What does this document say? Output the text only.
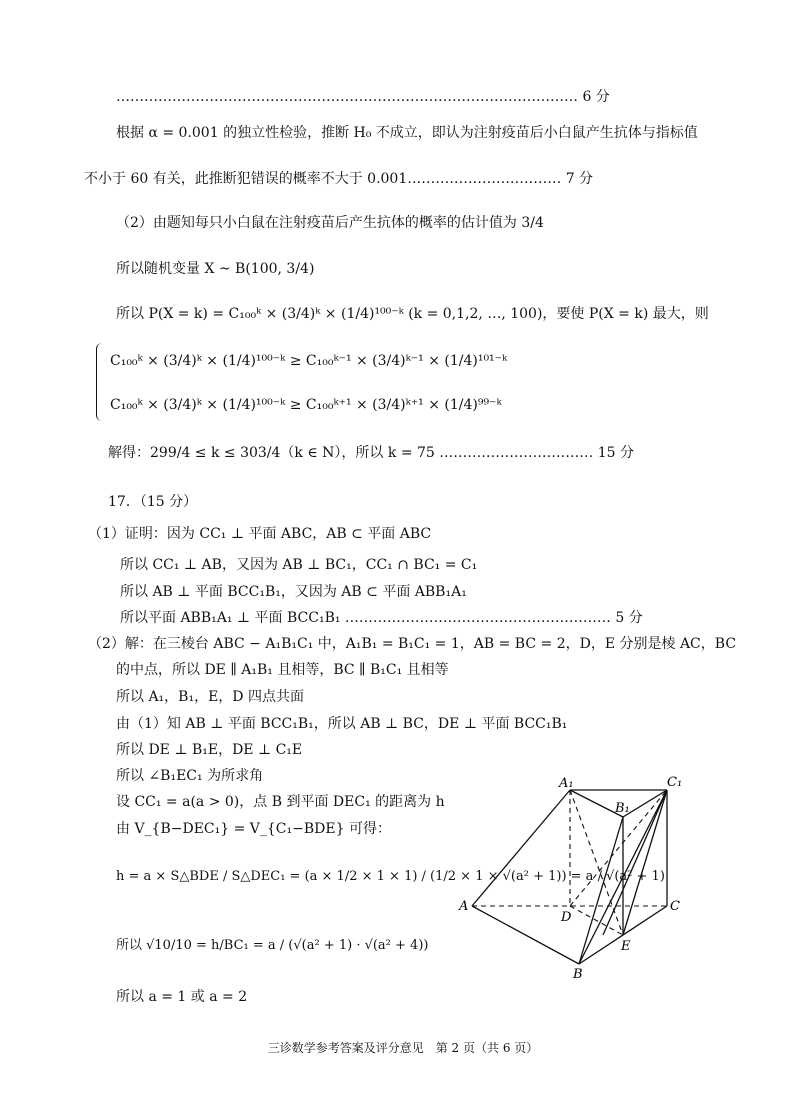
……………………………………………………………………………………… 6 分
根据 α = 0.001 的独立性检验，推断 H₀ 不成立，即认为注射疫苗后小白鼠产生抗体与指标值
不小于 60 有关，此推断犯错误的概率不大于 0.001…………………………… 7 分
（2）由题知每只小白鼠在注射疫苗后产生抗体的概率的估计值为 3/4
所以随机变量 X ~ B(100, 3/4)
所以 P(X = k) = C₁₀₀ᵏ × (3/4)ᵏ × (1/4)¹⁰⁰⁻ᵏ (k = 0,1,2, …, 100)，要使 P(X = k) 最大，则
C₁₀₀ᵏ × (3/4)ᵏ × (1/4)¹⁰⁰⁻ᵏ ≥ C₁₀₀ᵏ⁻¹ × (3/4)ᵏ⁻¹ × (1/4)¹⁰¹⁻ᵏ
C₁₀₀ᵏ × (3/4)ᵏ × (1/4)¹⁰⁰⁻ᵏ ≥ C₁₀₀ᵏ⁺¹ × (3/4)ᵏ⁺¹ × (1/4)⁹⁹⁻ᵏ
解得：299/4 ≤ k ≤ 303/4（k ∈ N），所以 k = 75 …………………………… 15 分
17．（15 分）
（1）证明：因为 CC₁ ⊥ 平面 ABC，AB ⊂ 平面 ABC
所以 CC₁ ⊥ AB，又因为 AB ⊥ BC₁，CC₁ ∩ BC₁ = C₁
所以 AB ⊥ 平面 BCC₁B₁，又因为 AB ⊂ 平面 ABB₁A₁
所以平面 ABB₁A₁ ⊥ 平面 BCC₁B₁ ………………………………………………… 5 分
（2）解：在三棱台 ABC − A₁B₁C₁ 中，A₁B₁ = B₁C₁ = 1，AB = BC = 2，D，E 分别是棱 AC，BC
的中点，所以 DE ∥ A₁B₁ 且相等，BC ∥ B₁C₁ 且相等
所以 A₁，B₁，E，D 四点共面
由（1）知 AB ⊥ 平面 BCC₁B₁，所以 AB ⊥ BC，DE ⊥ 平面 BCC₁B₁
所以 DE ⊥ B₁E，DE ⊥ C₁E
所以 ∠B₁EC₁ 为所求角
设 CC₁ = a(a > 0)，点 B 到平面 DEC₁ 的距离为 h
由 V_{B−DEC₁} = V_{C₁−BDE} 可得：
h = a × S△BDE / S△DEC₁ = (a × 1/2 × 1 × 1) / (1/2 × 1 × √(a² + 1)) = a / √(a² + 1)
所以 √10/10 = h/BC₁ = a / (√(a² + 1) · √(a² + 4))
所以 a = 1 或 a = 2
A₁	C₁
B₁
A
D
C
E
B
三诊数学参考答案及评分意见　第 2 页（共 6 页）
